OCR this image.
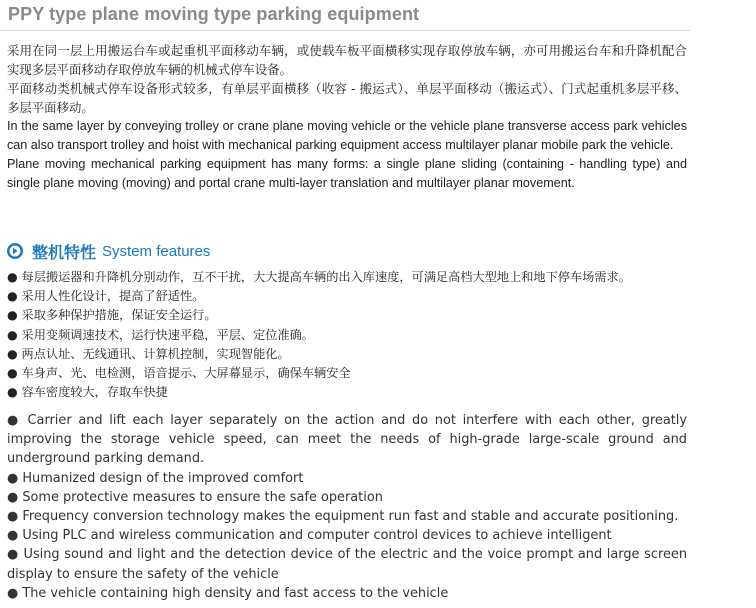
PPY type plane moving type parking equipment

采用在同一层上用搬运台车或起重机平面移动车辆，或使载车板平面横移实现存取停放车辆，亦可用搬运台车和升降机配合实现多层平面移动存取停放车辆的机械式停车设备。

平面移动类机械式停车设备形式较多，有单层平面横移（收容 - 搬运式）、单层平面移动（搬运式）、门式起重机多层平移、多层平面移动。

In the same layer by conveying trolley or crane plane moving vehicle or the vehicle plane transverse access park vehicles can also transport trolley and hoist with mechanical parking equipment access multilayer planar mobile park the vehicle.

Plane moving mechanical parking equipment has many forms: a single plane sliding (containing - handling type) and single plane moving (moving) and portal crane multi-layer translation and multilayer planar movement.

整机特性 System features
● 每层搬运器和升降机分别动作，互不干扰，大大提高车辆的出入库速度，可满足高档大型地上和地下停车场需求。
● 采用人性化设计，提高了舒适性。
● 采取多种保护措施，保证安全运行。
● 采用变频调速技术，运行快速平稳，平层、定位准确。
● 两点认址、无线通讯、计算机控制，实现智能化。
● 车身声、光、电检测，语音提示、大屏幕显示，确保车辆安全
● 容车密度较大，存取车快捷
● Carrier and lift each layer separately on the action and do not interfere with each other, greatly improving the storage vehicle speed, can meet the needs of high-grade large-scale ground and underground parking demand.
● Humanized design of the improved comfort
● Some protective measures to ensure the safe operation
● Frequency conversion technology makes the equipment run fast and stable and accurate positioning.
● Using PLC and wireless communication and computer control devices to achieve intelligent
● Using sound and light and the detection device of the electric and the voice prompt and large screen display to ensure the safety of the vehicle
● The vehicle containing high density and fast access to the vehicle
